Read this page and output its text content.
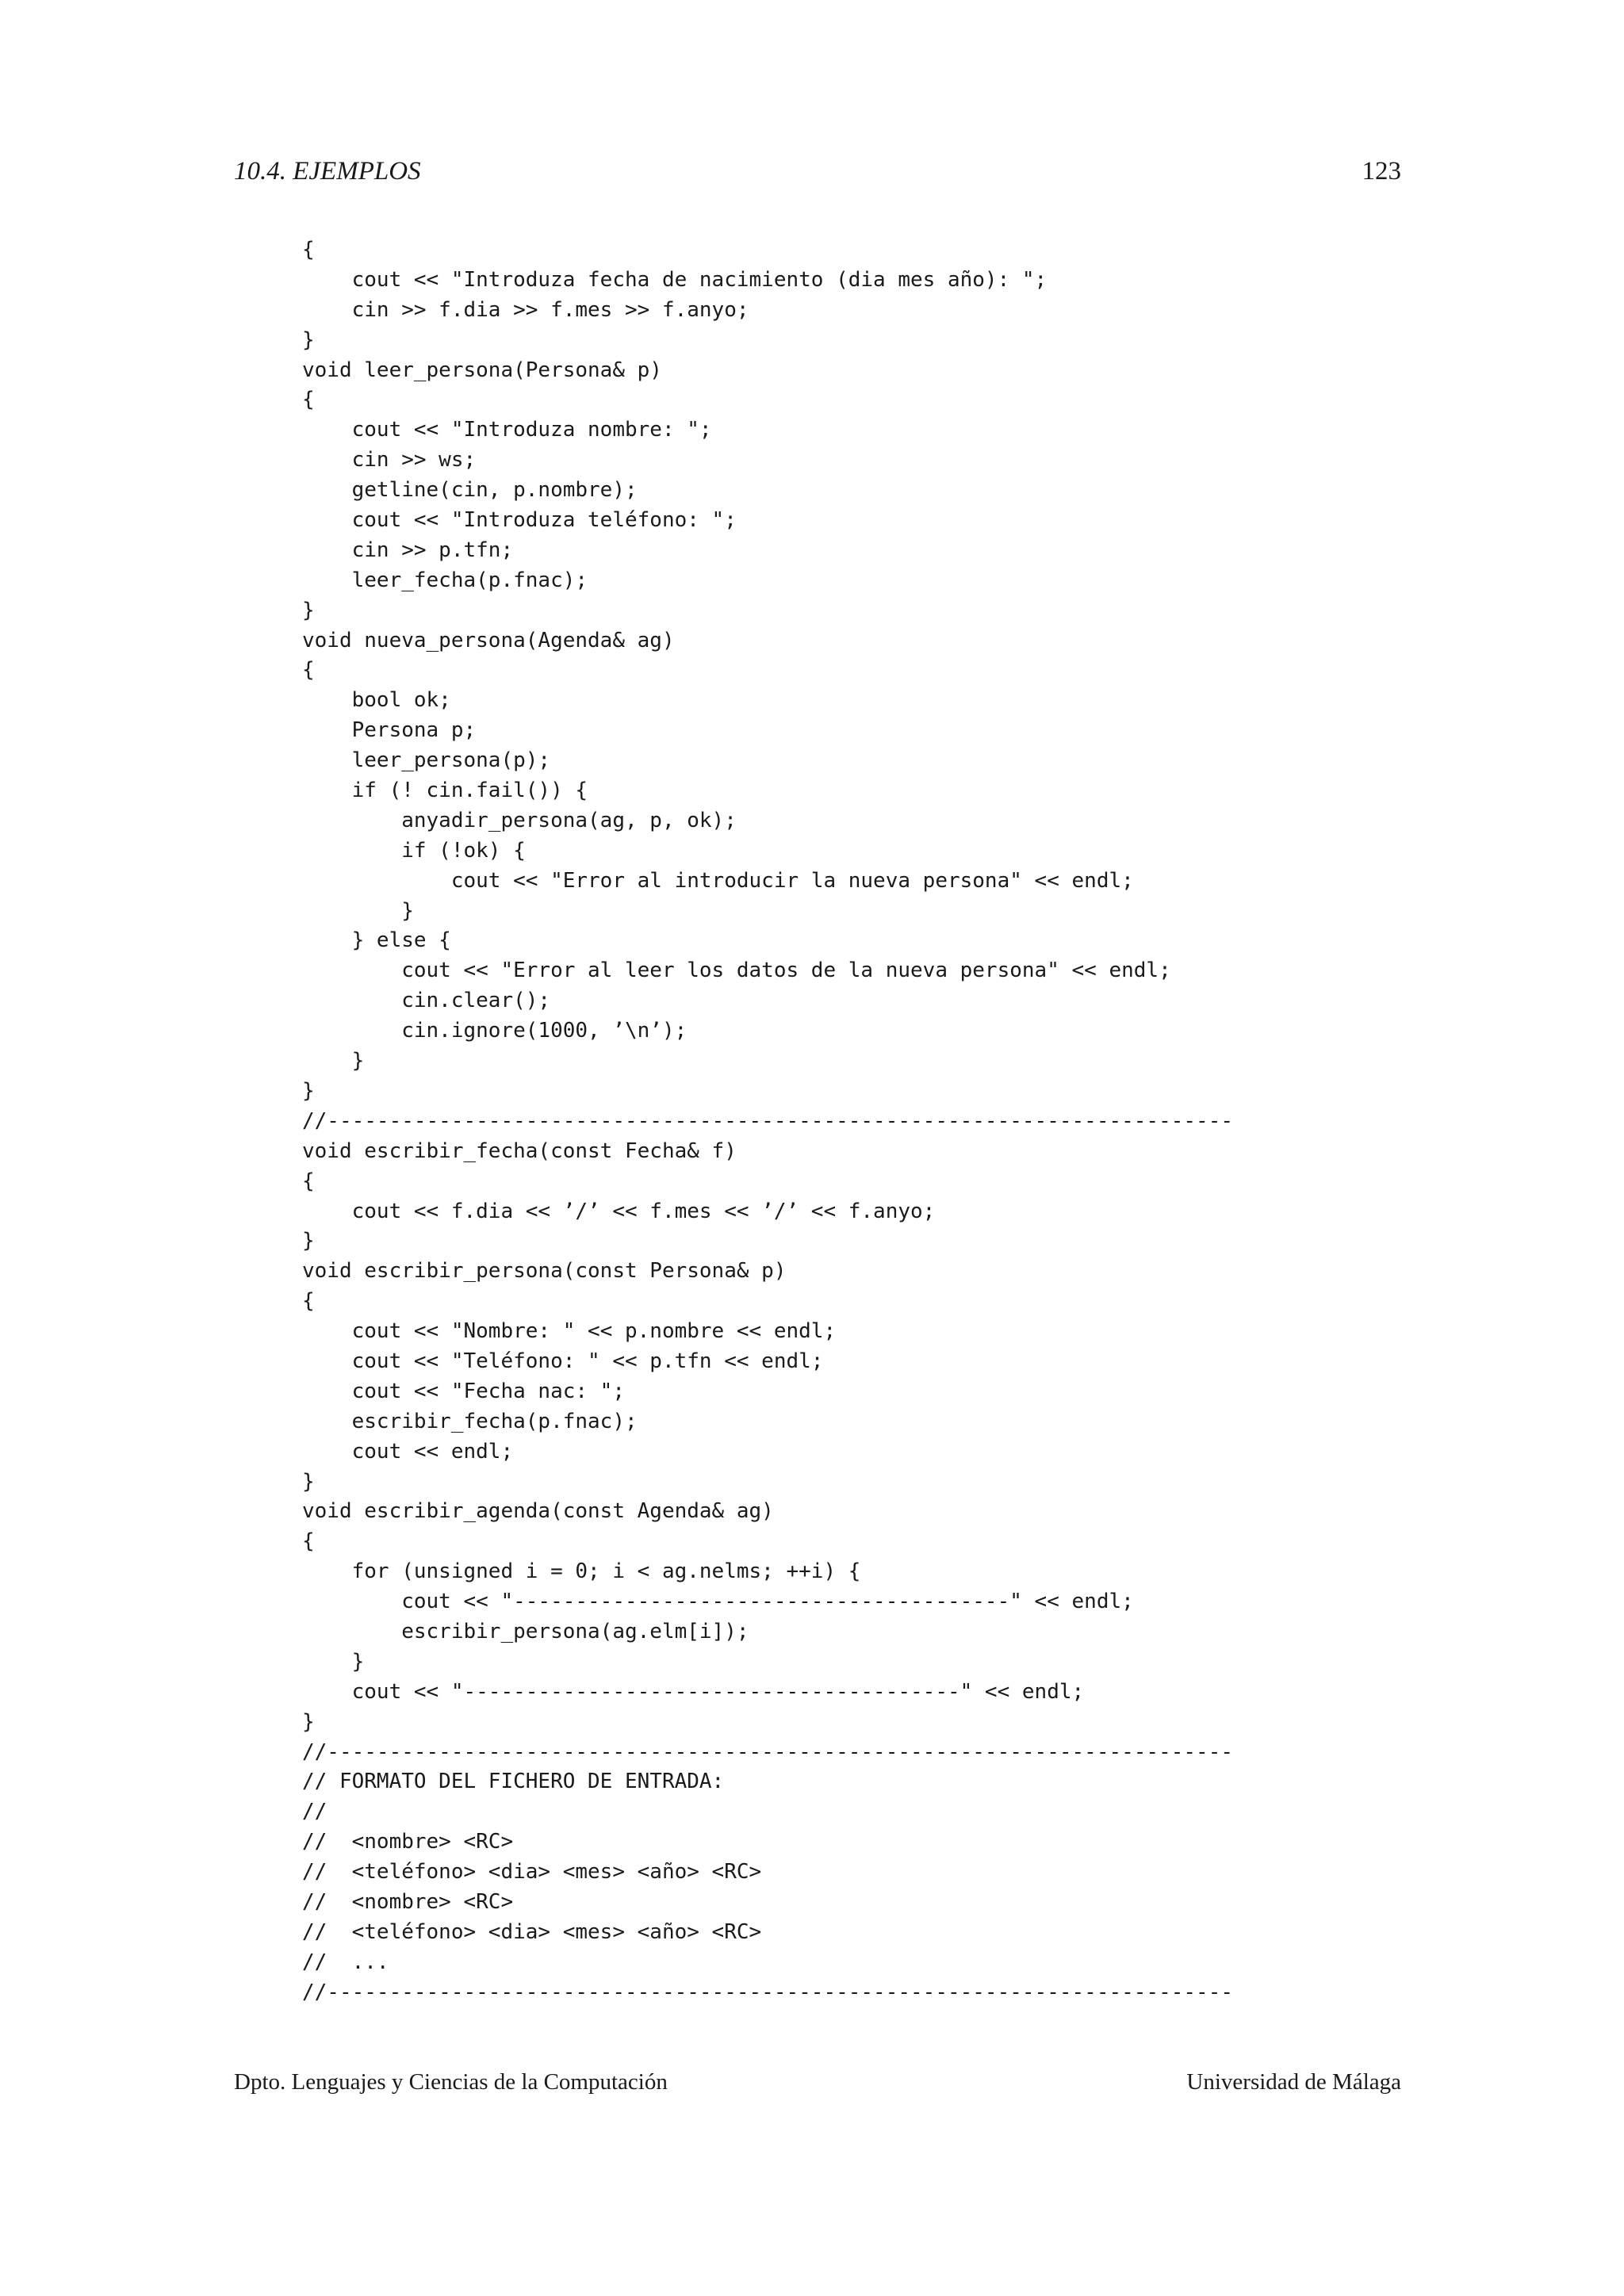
10.4. EJEMPLOS	123
{
cout << "Introduza fecha de nacimiento (dia mes año): ";
cin >> f.dia >> f.mes >> f.anyo;
}
void leer_persona(Persona& p)
{
cout << "Introduza nombre: ";
cin >> ws;
getline(cin, p.nombre);
cout << "Introduza teléfono: ";
cin >> p.tfn;
leer_fecha(p.fnac);
}
void nueva_persona(Agenda& ag)
{
bool ok;
Persona p;
leer_persona(p);
if (! cin.fail()) {
anyadir_persona(ag, p, ok);
if (!ok) {
cout << "Error al introducir la nueva persona" << endl;
}
} else {
cout << "Error al leer los datos de la nueva persona" << endl;
cin.clear();
cin.ignore(1000, ’\n’);
}
}
//-------------------------------------------------------------------------
void escribir_fecha(const Fecha& f)
{
cout << f.dia << ’/’ << f.mes << ’/’ << f.anyo;
}
void escribir_persona(const Persona& p)
{
cout << "Nombre: " << p.nombre << endl;
cout << "Teléfono: " << p.tfn << endl;
cout << "Fecha nac: ";
escribir_fecha(p.fnac);
cout << endl;
}
void escribir_agenda(const Agenda& ag)
{
for (unsigned i = 0; i < ag.nelms; ++i) {
cout << "----------------------------------------" << endl;
escribir_persona(ag.elm[i]);
}
cout << "----------------------------------------" << endl;
}
//-------------------------------------------------------------------------
// FORMATO DEL FICHERO DE ENTRADA:
//
//  <nombre> <RC>
//  <teléfono> <dia> <mes> <año> <RC>
//  <nombre> <RC>
//  <teléfono> <dia> <mes> <año> <RC>
//  ...
//-------------------------------------------------------------------------
Dpto. Lenguajes y Ciencias de la Computación	Universidad de Málaga
